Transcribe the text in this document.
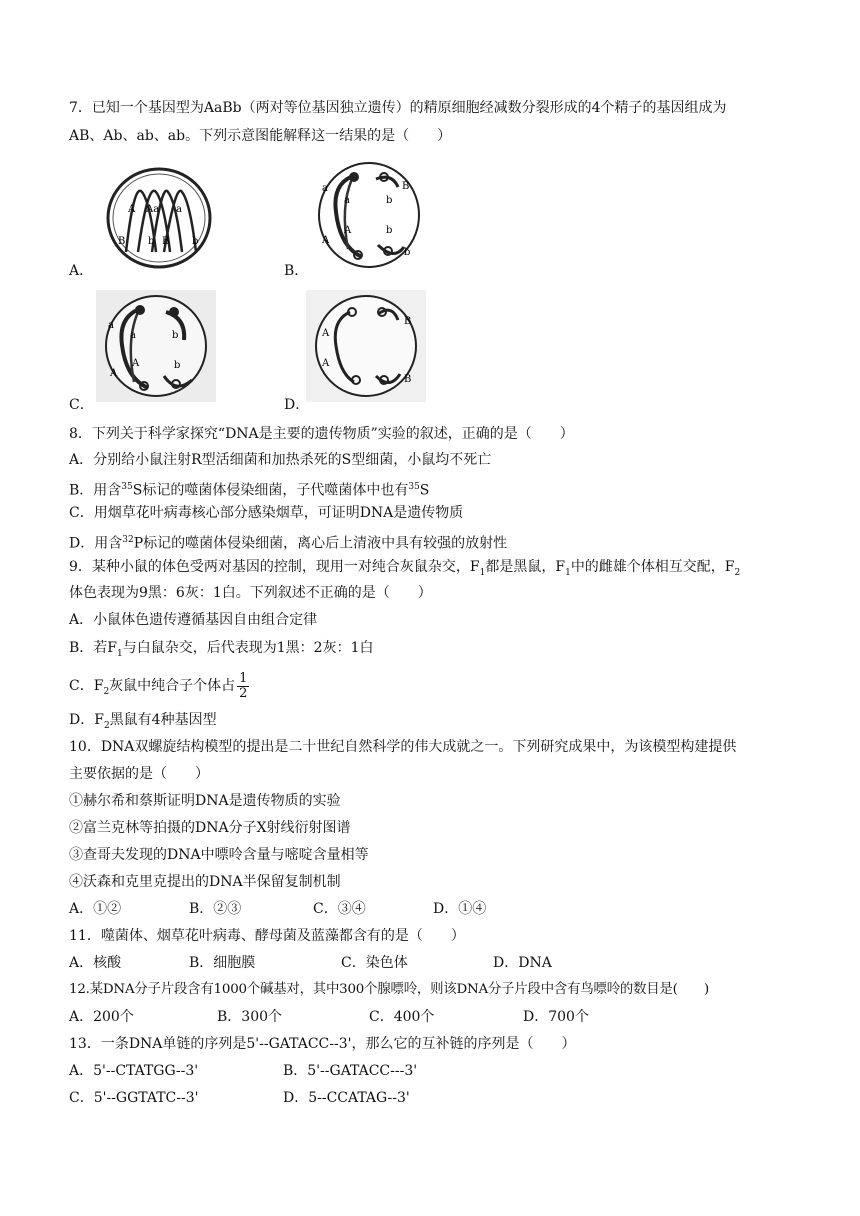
7．已知一个基因型为AaBb（两对等位基因独立遗传）的精原细胞经减数分裂形成的4个精子的基因组成为
AB、Ab、ab、ab。下列示意图能解释这一结果的是（　　）
A
B
Aa
b B
a
b
A．
a
a
A
A
B
b
b
b
B．
a
a
A
A
b
b
C．
A
A
B
B
D．
8．下列关于科学家探究“DNA是主要的遗传物质”实验的叙述，正确的是（　　）
A．分别给小鼠注射R型活细菌和加热杀死的S型细菌，小鼠均不死亡
B．用含$^{35}$S标记的噬菌体侵染细菌，子代噬菌体中也有$^{35}$S
C．用烟草花叶病毒核心部分感染烟草，可证明DNA是遗传物质
D．用含$^{32}$P标记的噬菌体侵染细菌，离心后上清液中具有较强的放射性
9．某种小鼠的体色受两对基因的控制，现用一对纯合灰鼠杂交，$F_1$都是黑鼠，$F_1$中的雌雄个体相互交配，$F_2$
体色表现为9黑：6灰：1白。下列叙述不正确的是（　　）
A．小鼠体色遗传遵循基因自由组合定律
B．若$F_1$与白鼠杂交，后代表现为1黑：2灰：1白
C．$F_2$灰鼠中纯合子个体占 $\frac{1}{2}$
D．$F_2$黑鼠有4种基因型
10．DNA双螺旋结构模型的提出是二十世纪自然科学的伟大成就之一。下列研究成果中，为该模型构建提供
主要依据的是（　　）
①赫尔希和蔡斯证明DNA是遗传物质的实验
②富兰克林等拍摄的DNA分子X射线衍射图谱
③查哥夫发现的DNA中嘌呤含量与嘧啶含量相等
④沃森和克里克提出的DNA半保留复制机制
A．①②	B．②③	C．③④	D．①④
11．噬菌体、烟草花叶病毒、酵母菌及蓝藻都含有的是（　　）
A．核酸	B．细胞膜	C．染色体	D．DNA
12.某DNA分子片段含有1000个碱基对，其中300个腺嘌呤，则该DNA分子片段中含有鸟嘌呤的数目是(　　)
A．200个	B．300个	C．400个	D．700个
13．一条DNA单链的序列是5'--GATACC--3'，那么它的互补链的序列是（　　）
A．5'--CTATGG--3'	B．5'--GATACC---3'
C．5'--GGTATC--3'	D．5--CCATAG--3'
